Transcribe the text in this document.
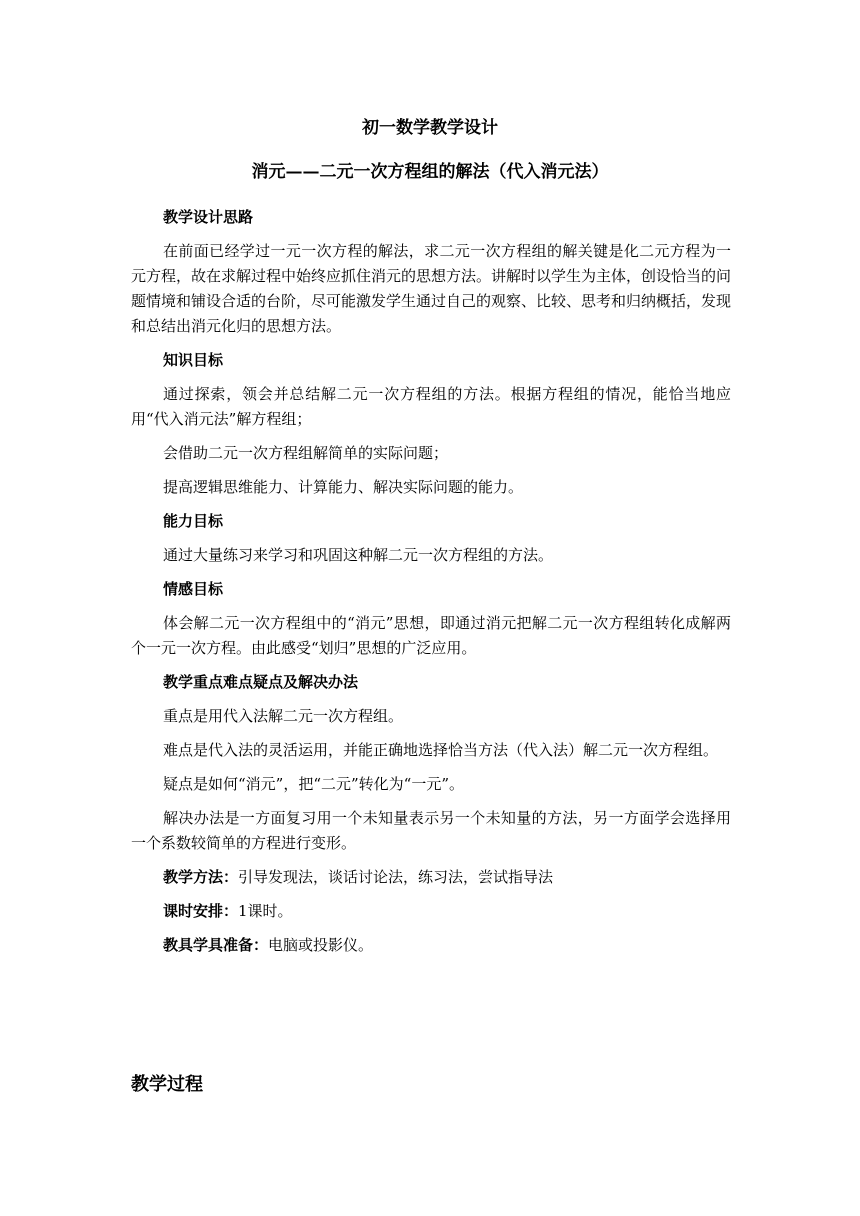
初一数学教学设计
消元——二元一次方程组的解法（代入消元法）

教学设计思路

在前面已经学过一元一次方程的解法，求二元一次方程组的解关键是化二元方程为一元方程，故在求解过程中始终应抓住消元的思想方法。讲解时以学生为主体，创设恰当的问题情境和铺设合适的台阶，尽可能激发学生通过自己的观察、比较、思考和归纳概括，发现和总结出消元化归的思想方法。

知识目标

通过探索，领会并总结解二元一次方程组的方法。根据方程组的情况，能恰当地应用“代入消元法”解方程组；

会借助二元一次方程组解简单的实际问题；

提高逻辑思维能力、计算能力、解决实际问题的能力。

能力目标

通过大量练习来学习和巩固这种解二元一次方程组的方法。

情感目标

体会解二元一次方程组中的“消元”思想，即通过消元把解二元一次方程组转化成解两个一元一次方程。由此感受“划归”思想的广泛应用。

教学重点难点疑点及解决办法

重点是用代入法解二元一次方程组。

难点是代入法的灵活运用，并能正确地选择恰当方法（代入法）解二元一次方程组。

疑点是如何“消元”，把“二元”转化为“一元”。

解决办法是一方面复习用一个未知量表示另一个未知量的方法，另一方面学会选择用一个系数较简单的方程进行变形。

教学方法：引导发现法，谈话讨论法，练习法，尝试指导法

课时安排：1课时。

教具学具准备：电脑或投影仪。

教学过程
